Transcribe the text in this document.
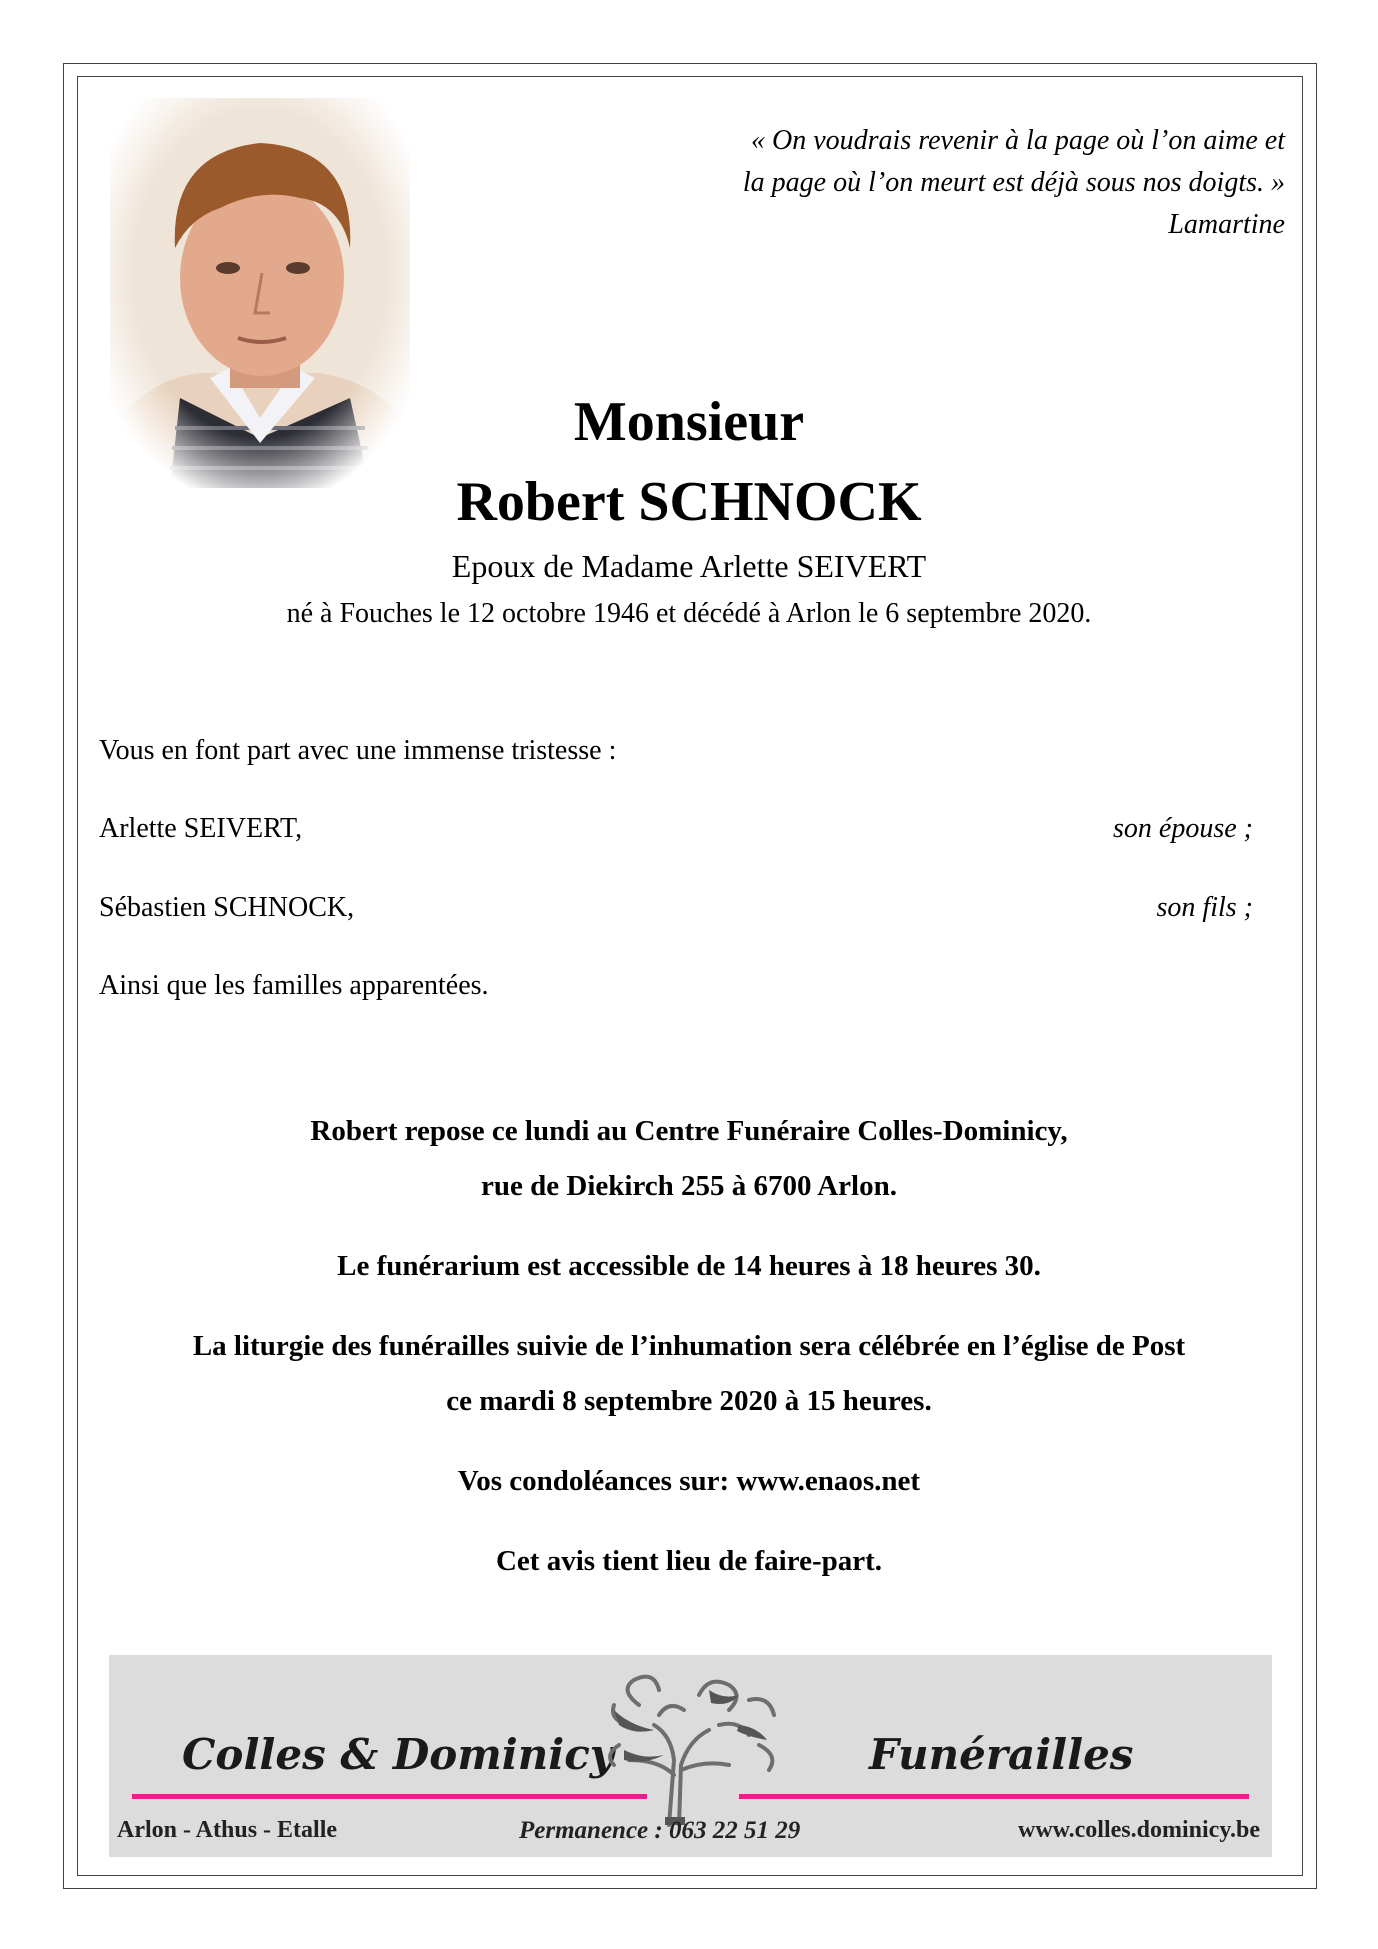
« On voudrais revenir à la page où l’on aime et
la page où l’on meurt est déjà sous nos doigts. »
Lamartine
Monsieur
Robert SCHNOCK
Epoux de Madame Arlette SEIVERT
né à Fouches le 12 octobre 1946 et décédé à Arlon le 6 septembre 2020.
Vous en font part avec une immense tristesse :
Arlette SEIVERT,	son épouse ;
Sébastien SCHNOCK,	son fils ;
Ainsi que les familles apparentées.
Robert repose ce lundi au Centre Funéraire Colles-Dominicy,
rue de Diekirch 255 à 6700 Arlon.
Le funérarium est accessible de 14 heures à 18 heures 30.
La liturgie des funérailles suivie de l’inhumation sera célébrée en l’église de Post
ce mardi 8 septembre 2020 à 15 heures.
Vos condoléances sur: www.enaos.net
Cet avis tient lieu de faire-part.
Colles & Dominicy	Funérailles
Arlon - Athus - Etalle	Permanence : 063 22 51 29	www.colles.dominicy.be
